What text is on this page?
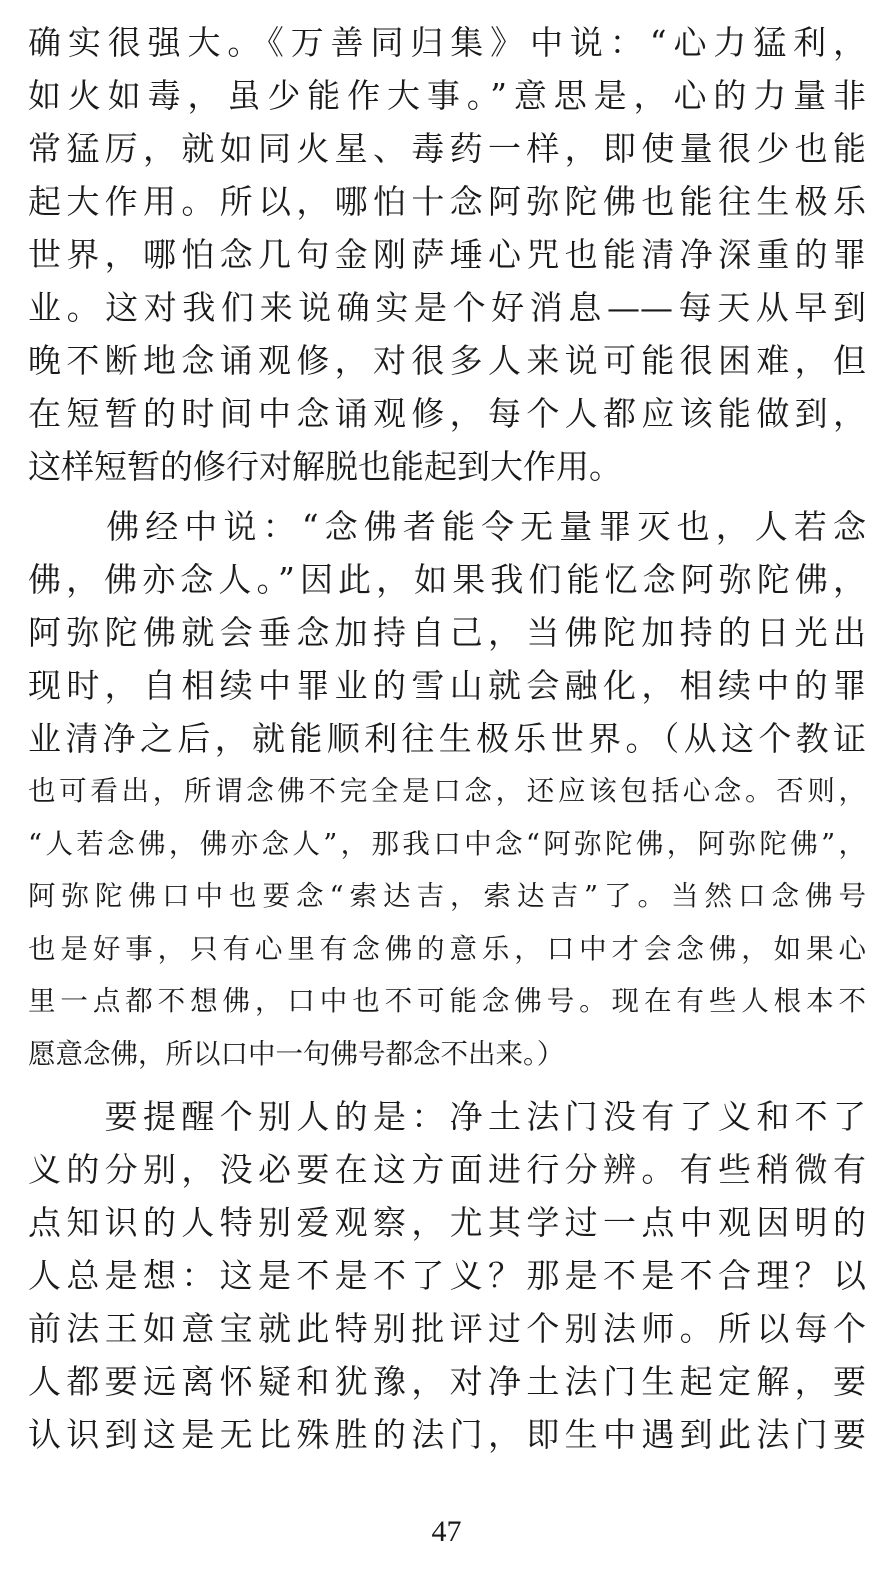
确实很强大。《万善同归集》中说：“心力猛利，
如火如毒，虽少能作大事。”意思是，心的力量非
常猛厉，就如同火星、毒药一样，即使量很少也能
起大作用。所以，哪怕十念阿弥陀佛也能往生极乐
世界，哪怕念几句金刚萨埵心咒也能清净深重的罪
业。这对我们来说确实是个好消息——每天从早到
晚不断地念诵观修，对很多人来说可能很困难，但
在短暂的时间中念诵观修，每个人都应该能做到，
这样短暂的修行对解脱也能起到大作用。
　　佛经中说：“念佛者能令无量罪灭也，人若念
佛，佛亦念人。”因此，如果我们能忆念阿弥陀佛，
阿弥陀佛就会垂念加持自己，当佛陀加持的日光出
现时，自相续中罪业的雪山就会融化，相续中的罪
业清净之后，就能顺利往生极乐世界。（从这个教证
也可看出，所谓念佛不完全是口念，还应该包括心念。否则，
“人若念佛，佛亦念人”，那我口中念“阿弥陀佛，阿弥陀佛”，
阿弥陀佛口中也要念“索达吉，索达吉”了。当然口念佛号
也是好事，只有心里有念佛的意乐，口中才会念佛，如果心
里一点都不想佛，口中也不可能念佛号。现在有些人根本不
愿意念佛，所以口中一句佛号都念不出来。）
　　要提醒个别人的是：净土法门没有了义和不了
义的分别，没必要在这方面进行分辨。有些稍微有
点知识的人特别爱观察，尤其学过一点中观因明的
人总是想：这是不是不了义？那是不是不合理？以
前法王如意宝就此特别批评过个别法师。所以每个
人都要远离怀疑和犹豫，对净土法门生起定解，要
认识到这是无比殊胜的法门，即生中遇到此法门要
47
